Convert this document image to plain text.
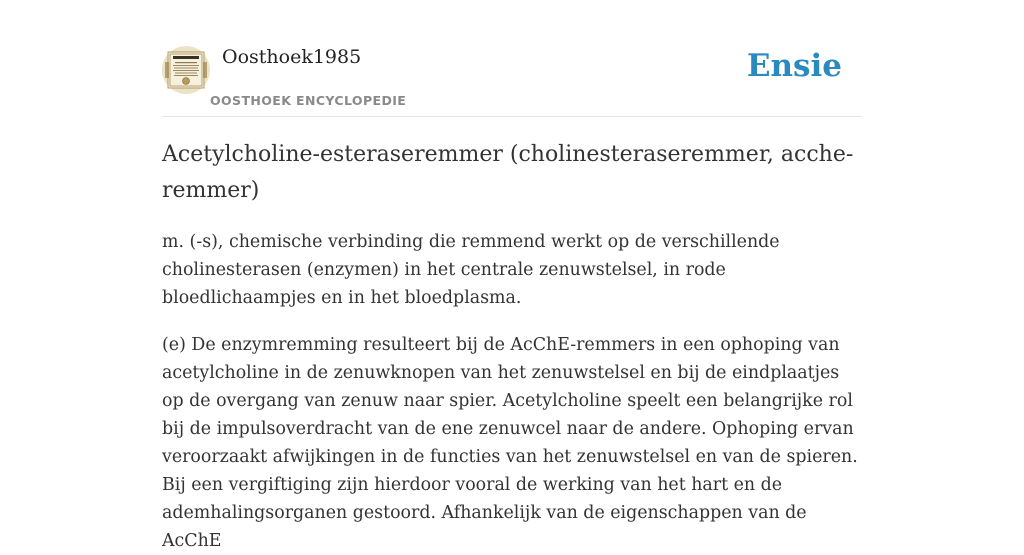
Oosthoek1985
OOSTHOEK ENCYCLOPEDIE
Ensie
Acetylcholine-esteraseremmer (cholinesteraseremmer, acche-remmer)

m. (-s), chemische verbinding die remmend werkt op de verschillende cholinesterasen (enzymen) in het centrale zenuwstelsel, in rode bloedlichaampjes en in het bloedplasma.

(e) De enzymremming resulteert bij de AcChE-remmers in een ophoping van acetylcholine in de zenuwknopen van het zenuwstelsel en bij de eindplaatjes op de overgang van zenuw naar spier. Acetylcholine speelt een belangrijke rol bij de impulsoverdracht van de ene zenuwcel naar de andere. Ophoping ervan veroorzaakt afwijkingen in de functies van het zenuwstelsel en van de spieren. Bij een vergiftiging zijn hierdoor vooral de werking van het hart en de ademhalingsorganen gestoord. Afhankelijk van de eigenschappen van de AcChE
